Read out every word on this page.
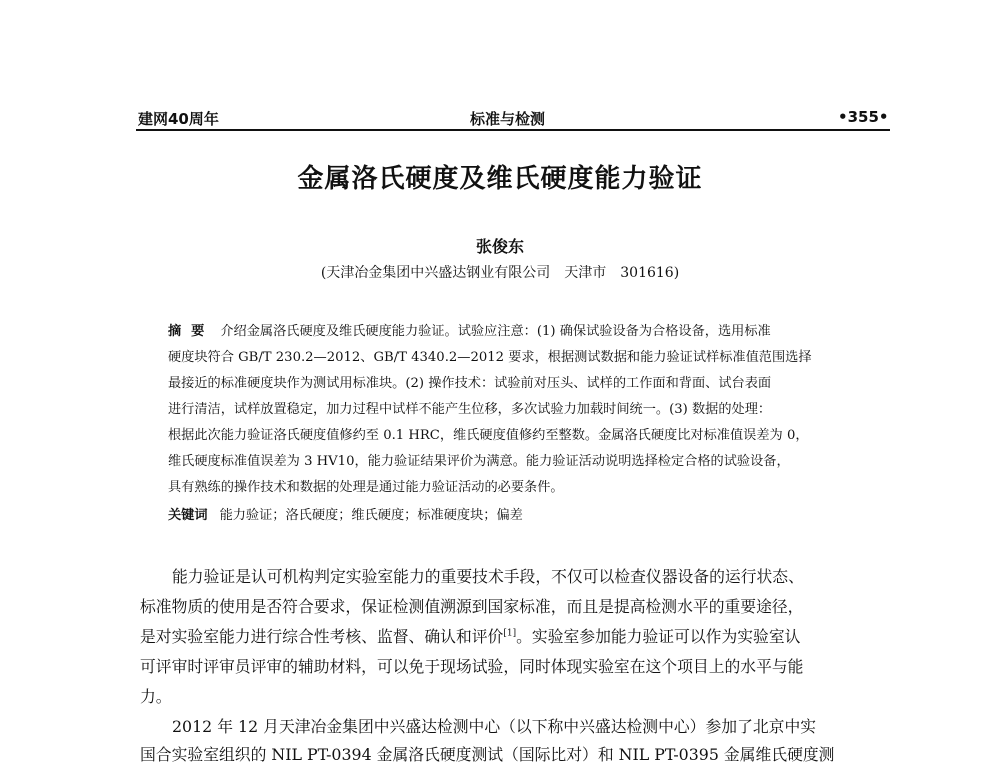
建网40周年	标准与检测	•355•
金属洛氏硬度及维氏硬度能力验证
张俊东
(天津冶金集团中兴盛达钢业有限公司　天津市　301616)
摘要 介绍金属洛氏硬度及维氏硬度能力验证。试验应注意：(1) 确保试验设备为合格设备，选用标准
硬度块符合 GB/T 230.2—2012、GB/T 4340.2—2012 要求，根据测试数据和能力验证试样标准值范围选择
最接近的标准硬度块作为测试用标准块。(2) 操作技术：试验前对压头、试样的工作面和背面、试台表面
进行清洁，试样放置稳定，加力过程中试样不能产生位移，多次试验力加载时间统一。(3) 数据的处理：
根据此次能力验证洛氏硬度值修约至 0.1 HRC，维氏硬度值修约至整数。金属洛氏硬度比对标准值误差为 0，
维氏硬度标准值误差为 3 HV10，能力验证结果评价为满意。能力验证活动说明选择检定合格的试验设备，
具有熟练的操作技术和数据的处理是通过能力验证活动的必要条件。
关键词 能力验证；洛氏硬度；维氏硬度；标准硬度块；偏差
能力验证是认可机构判定实验室能力的重要技术手段，不仅可以检查仪器设备的运行状态、
标准物质的使用是否符合要求，保证检测值溯源到国家标准，而且是提高检测水平的重要途径，
是对实验室能力进行综合性考核、监督、确认和评价[1]。实验室参加能力验证可以作为实验室认
可评审时评审员评审的辅助材料，可以免于现场试验，同时体现实验室在这个项目上的水平与能
力。
2012 年 12 月天津冶金集团中兴盛达检测中心（以下称中兴盛达检测中心）参加了北京中实
国合实验室组织的 NIL PT-0394 金属洛氏硬度测试（国际比对）和 NIL PT-0395 金属维氏硬度测
